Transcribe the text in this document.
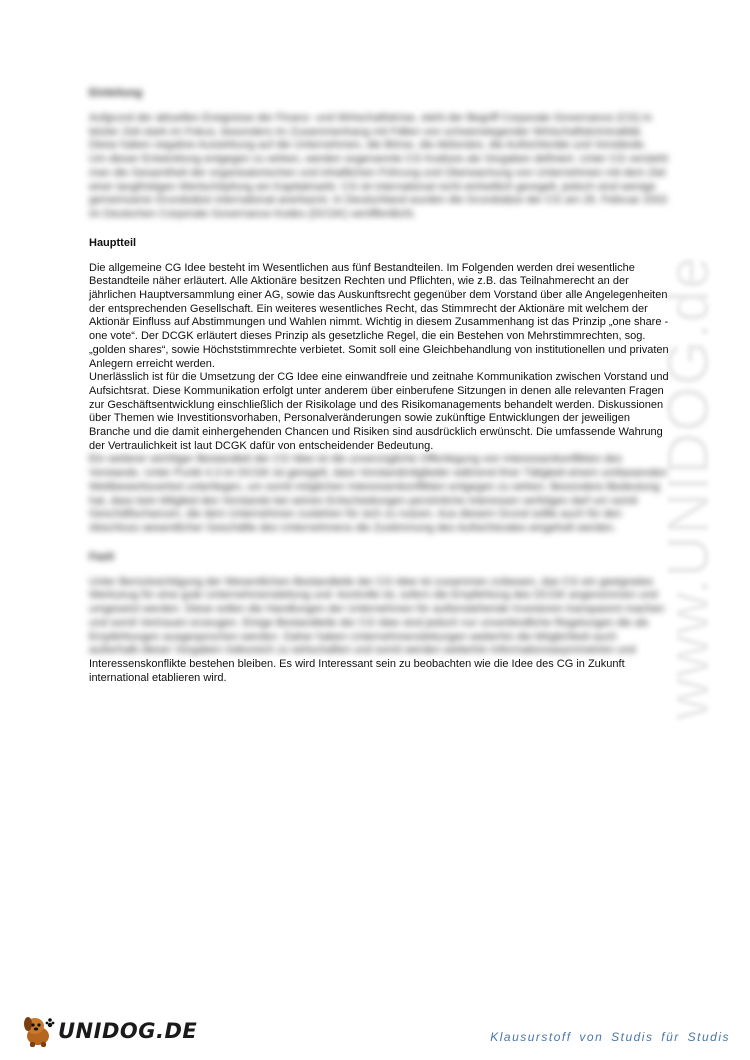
www.UNIDOG.de
Einleitung

Aufgrund der aktuellen Ereignisse der Finanz- und Wirtschaftskrise, steht der Begriff Corporate Governance (CG) in letzter Zeit stark im Fokus, besonders im Zusammenhang mit Fällen von schwerwiegender Wirtschaftskriminalität. Diese haben negative Auswirkung auf die Unternehmen, die Börse, die Aktionäre, die Aufsichtsräte und Vorstände.

Um dieser Entwicklung entgegen zu wirken, werden sogenannte CG Kodizes als Vorgaben definiert. Unter CG versteht man die Gesamtheit der organisatorischen und inhaltlichen Führung und Überwachung von Unternehmen mit dem Ziel einer langfristigen Wertschöpfung am Kapitalmarkt. CG ist international nicht einheitlich geregelt, jedoch sind wenige gemeinsame Grundsätze international anerkannt. In Deutschland wurden die Grundsätze der CG am 26. Februar 2002 im Deutschen Corporate Governance Kodex (DCGK) veröffentlicht.

Hauptteil

Die allgemeine CG Idee besteht im Wesentlichen aus fünf Bestandteilen. Im Folgenden werden drei wesentliche Bestandteile näher erläutert. Alle Aktionäre besitzen Rechten und Pflichten, wie z.B. das Teilnahmerecht an der jährlichen Hauptversammlung einer AG, sowie das Auskunftsrecht gegenüber dem Vorstand über alle Angelegenheiten der entsprechenden Gesellschaft. Ein weiteres wesentliches Recht, das Stimmrecht der Aktionäre mit welchem der Aktionär Einfluss auf Abstimmungen und Wahlen nimmt. Wichtig in diesem Zusammenhang ist das Prinzip „one share - one vote“. Der DCGK erläutert dieses Prinzip als gesetzliche Regel, die ein Bestehen von Mehrstimmrechten, sog. „golden shares“, sowie Höchststimmrechte verbietet. Somit soll eine Gleichbehandlung von institutionellen und privaten Anlegern erreicht werden.

Unerlässlich ist für die Umsetzung der CG Idee eine einwandfreie und zeitnahe Kommunikation zwischen Vorstand und Aufsichtsrat. Diese Kommunikation erfolgt unter anderem über einberufene Sitzungen in denen alle relevanten Fragen zur Geschäftsentwicklung einschließlich der Risikolage und des Risikomanagements behandelt werden. Diskussionen über Themen wie Investitionsvorhaben, Personalveränderungen sowie zukünftige Entwicklungen der jeweiligen Branche und die damit einhergehenden Chancen und Risiken sind ausdrücklich erwünscht. Die umfassende Wahrung der Vertraulichkeit ist laut DCGK dafür von entscheidender Bedeutung.

Ein weiterer wichtiger Bestandteil der CG Idee ist die unverzügliche Offenlegung von Interessenkonflikten des Vorstands. Unter Punkt 4.3 im DCGK ist geregelt, dass Vorstandmitglieder während ihrer Tätigkeit einem umfassenden Wettbewerbsverbot unterliegen, um somit möglichen Interessenkonflikten entgegen zu wirken. Besondere Bedeutung hat, dass kein Mitglied des Vorstands bei seinen Entscheidungen persönliche Interessen verfolgen darf um somit Geschäftschancen, die dem Unternehmen zustehen für sich zu nutzen. Aus diesem Grund sollte auch für den Abschluss wesentlicher Geschäfte des Unternehmens die Zustimmung des Aufsichtsrates eingeholt werden.

Fazit

Unter Berücksichtigung der Wesentlichen Bestandteile der CG Idee ist zusammen zufassen, das CG ein geeignetes Werkzeug für eine gute Unternehmensleitung und -kontrolle ist, sofern die Empfehlung des DCGK angenommen und umgesetzt werden. Diese sollen die Handlungen der Unternehmen für außenstehende Investoren transparent machen und somit Vertrauen erzeugen. Einige Bestandteile der CG Idee sind jedoch nur unverbindliche Regelungen die als Empfehlungen ausgesprochen werden. Daher haben Unternehmensleitungen weiterhin die Möglichkeit auch außerhalb dieser Vorgaben risikoreich zu wirtschaften und somit werden weiterhin Informationsasymmetrien und

Interessenskonflikte bestehen bleiben. Es wird Interessant sein zu beobachten wie die Idee des CG in Zukunft international etablieren wird.

UNIDOG.DE	Klausurstoff von Studis für Studis
